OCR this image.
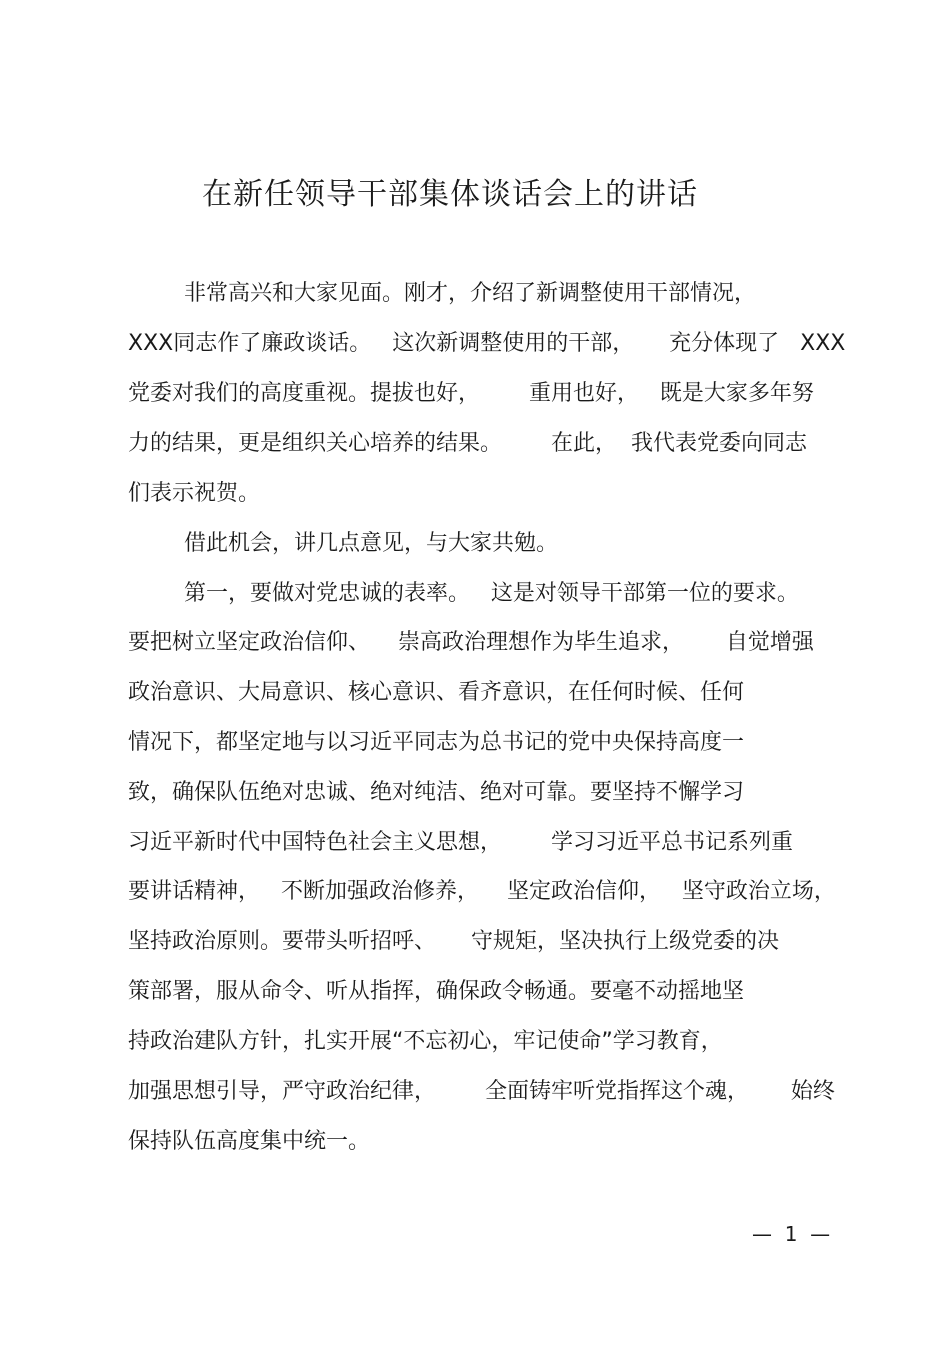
在新任领导干部集体谈话会上的讲话
非常高兴和大家见面。刚才，介绍了新调整使用干部情况，
XXX同志作了廉政谈话。   这次新调整使用的干部，     充分体现了   XXX
党委对我们的高度重视。提拔也好，       重用也好，   既是大家多年努
力的结果，更是组织关心培养的结果。       在此，  我代表党委向同志
们表示祝贺。
借此机会，讲几点意见，与大家共勉。
第一，要做对党忠诚的表率。   这是对领导干部第一位的要求。
要把树立坚定政治信仰、    崇高政治理想作为毕生追求，      自觉增强
政治意识、大局意识、核心意识、看齐意识，在任何时候、任何
情况下，都坚定地与以习近平同志为总书记的党中央保持高度一
致，确保队伍绝对忠诚、绝对纯洁、绝对可靠。要坚持不懈学习
习近平新时代中国特色社会主义思想，       学习习近平总书记系列重
要讲话精神，   不断加强政治修养，    坚定政治信仰，   坚守政治立场，
坚持政治原则。要带头听招呼、     守规矩，坚决执行上级党委的决
策部署，服从命令、听从指挥，确保政令畅通。要毫不动摇地坚
持政治建队方针，扎实开展“不忘初心，牢记使命”学习教育，
加强思想引导，严守政治纪律，       全面铸牢听党指挥这个魂，      始终
保持队伍高度集中统一。
—  1  —
